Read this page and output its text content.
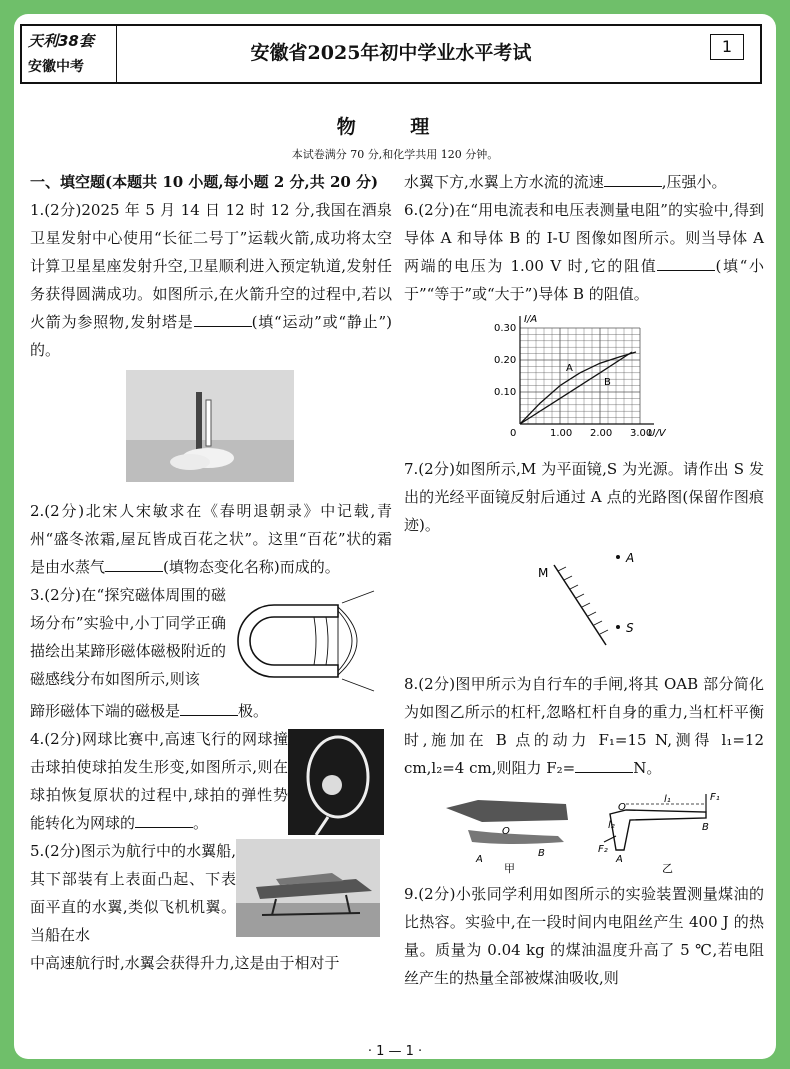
天利38套
安徽中考
安徽省2025年初中学业水平考试	1
物 理
本试卷满分 70 分,和化学共用 120 分钟。

一、填空题(本题共 10 小题,每小题 2 分,共 20 分)

1.(2分)2025 年 5 月 14 日 12 时 12 分,我国在酒泉卫星发射中心使用“长征二号丁”运载火箭,成功将太空计算卫星星座发射升空,卫星顺利进入预定轨道,发射任务获得圆满成功。如图所示,在火箭升空的过程中,若以火箭为参照物,发射塔是	(填“运动”或“静止”)的。

2.(2分)北宋人宋敏求在《春明退朝录》中记载,青州“盛冬浓霜,屋瓦皆成百花之状”。这里“百花”状的霜是由水蒸气	(填物态变化名称)而成的。

3.(2分)在“探究磁体周围的磁场分布”实验中,小丁同学正确描绘出某蹄形磁体磁极附近的磁感线分布如图所示,则该

蹄形磁体下端的磁极是	极。

4.(2分)网球比赛中,高速飞行的网球撞击球拍使球拍发生形变,如图所示,则在球拍恢复原状的过程中,球拍的弹性势能转化为网球的	。

5.(2分)图示为航行中的水翼船,其下部装有上表面凸起、下表面平直的水翼,类似飞机机翼。当船在水

中高速航行时,水翼会获得升力,这是由于相对于

水翼下方,水翼上方水流的流速	,压强小。

6.(2分)在“用电流表和电压表测量电阻”的实验中,得到导体 A 和导体 B 的 I-U 图像如图所示。则当导体 A 两端的电压为 1.00 V 时,它的阻值	(填“小于”“等于”或“大于”)导体 B 的阻值。

1.00 2.00 3.00
0.10
0.20
0.30
0	U/V
I/A
A
B

7.(2分)如图所示,M 为平面镜,S 为光源。请作出 S 发出的光经平面镜反射后通过 A 点的光路图(保留作图痕迹)。

M
A
S

8.(2分)图甲所示为自行车的手闸,将其 OAB 部分简化为如图乙所示的杠杆,忽略杠杆自身的重力,当杠杆平衡时,施加在 B 点的动力 F₁=15 N,测得 l₁=12 cm,l₂=4 cm,则阻力 F₂=	N。

O
A
B
甲
O
A
B
l₁
l₂
F₁
F₂
乙

9.(2分)小张同学利用如图所示的实验装置测量煤油的比热容。实验中,在一段时间内电阻丝产生 400 J 的热量。质量为 0.04 kg 的煤油温度升高了 5 ℃,若电阻丝产生的热量全部被煤油吸收,则

· 1 — 1 ·
